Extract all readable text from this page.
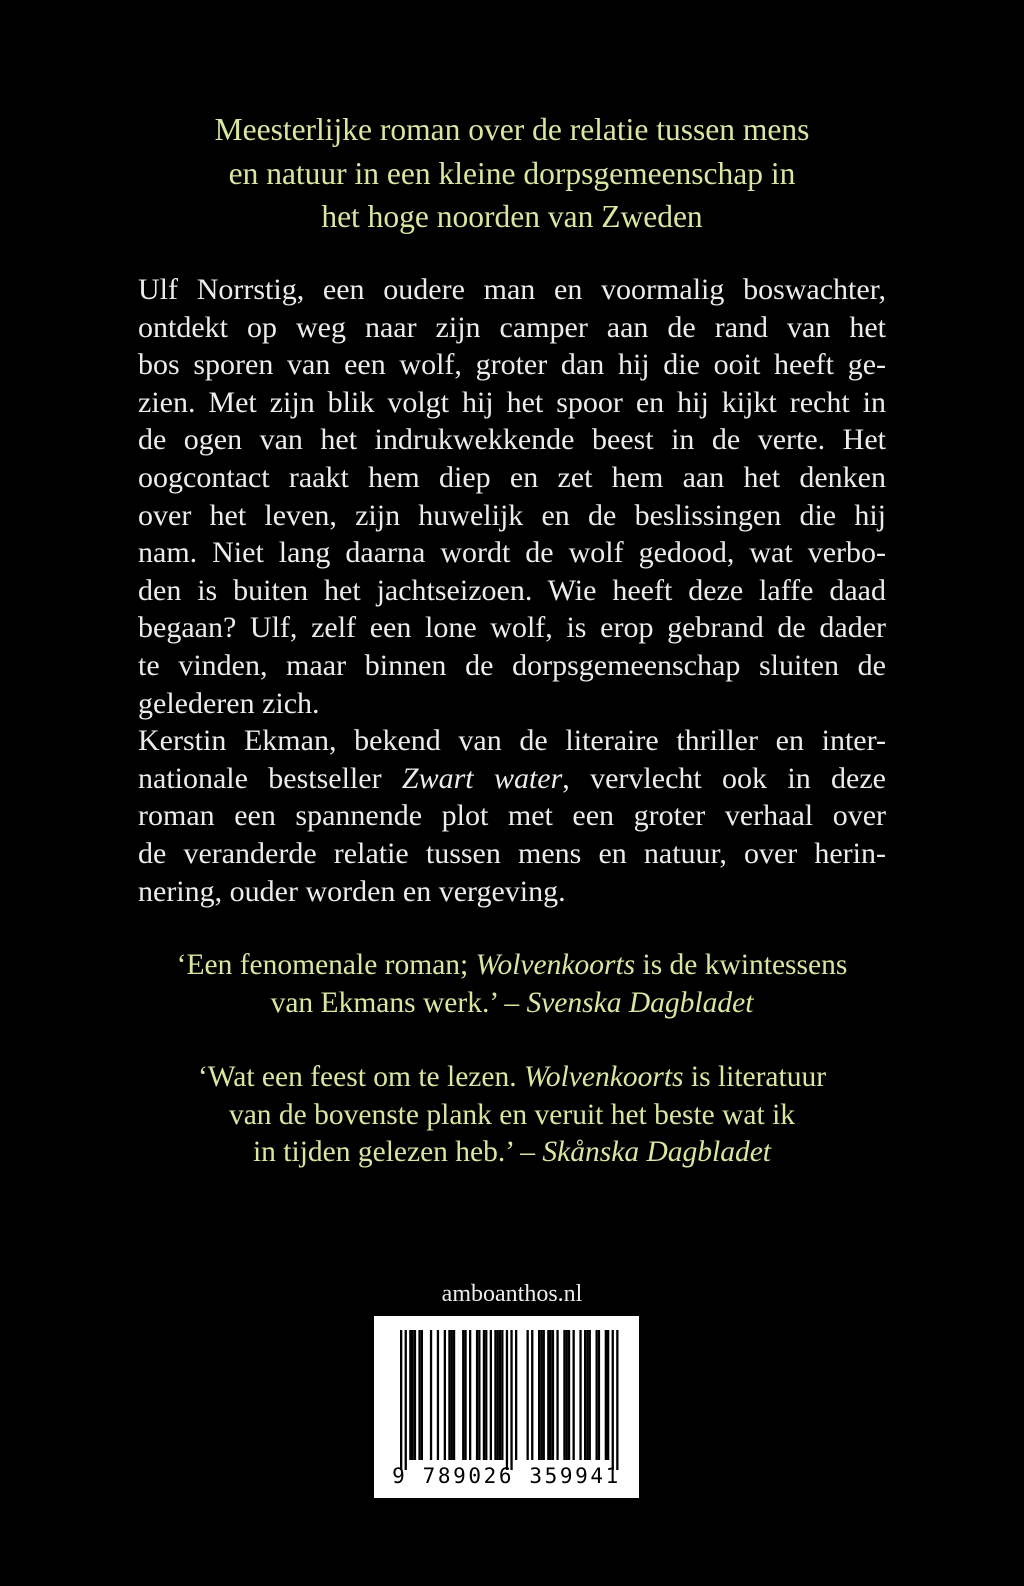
Meesterlijke roman over de relatie tussen mens
en natuur in een kleine dorpsgemeenschap in
het hoge noorden van Zweden
Ulf Norrstig, een oudere man en voormalig boswachter,
ontdekt op weg naar zijn camper aan de rand van het
bos sporen van een wolf, groter dan hij die ooit heeft ge-
zien. Met zijn blik volgt hij het spoor en hij kijkt recht in
de ogen van het indrukwekkende beest in de verte. Het
oogcontact raakt hem diep en zet hem aan het denken
over het leven, zijn huwelijk en de beslissingen die hij
nam. Niet lang daarna wordt de wolf gedood, wat verbo-
den is buiten het jachtseizoen. Wie heeft deze laffe daad
begaan? Ulf, zelf een lone wolf, is erop gebrand de dader
te vinden, maar binnen de dorpsgemeenschap sluiten de
gelederen zich.
Kerstin Ekman, bekend van de literaire thriller en inter-
nationale bestseller Zwart water, vervlecht ook in deze
roman een spannende plot met een groter verhaal over
de veranderde relatie tussen mens en natuur, over herin-
nering, ouder worden en vergeving.
‘Een fenomenale roman; Wolvenkoorts is de kwintessens
van Ekmans werk.’ – Svenska Dagbladet
‘Wat een feest om te lezen. Wolvenkoorts is literatuur
van de bovenste plank en veruit het beste wat ik
in tijden gelezen heb.’ – Skånska Dagbladet
amboanthos.nl
9 789026 359941
